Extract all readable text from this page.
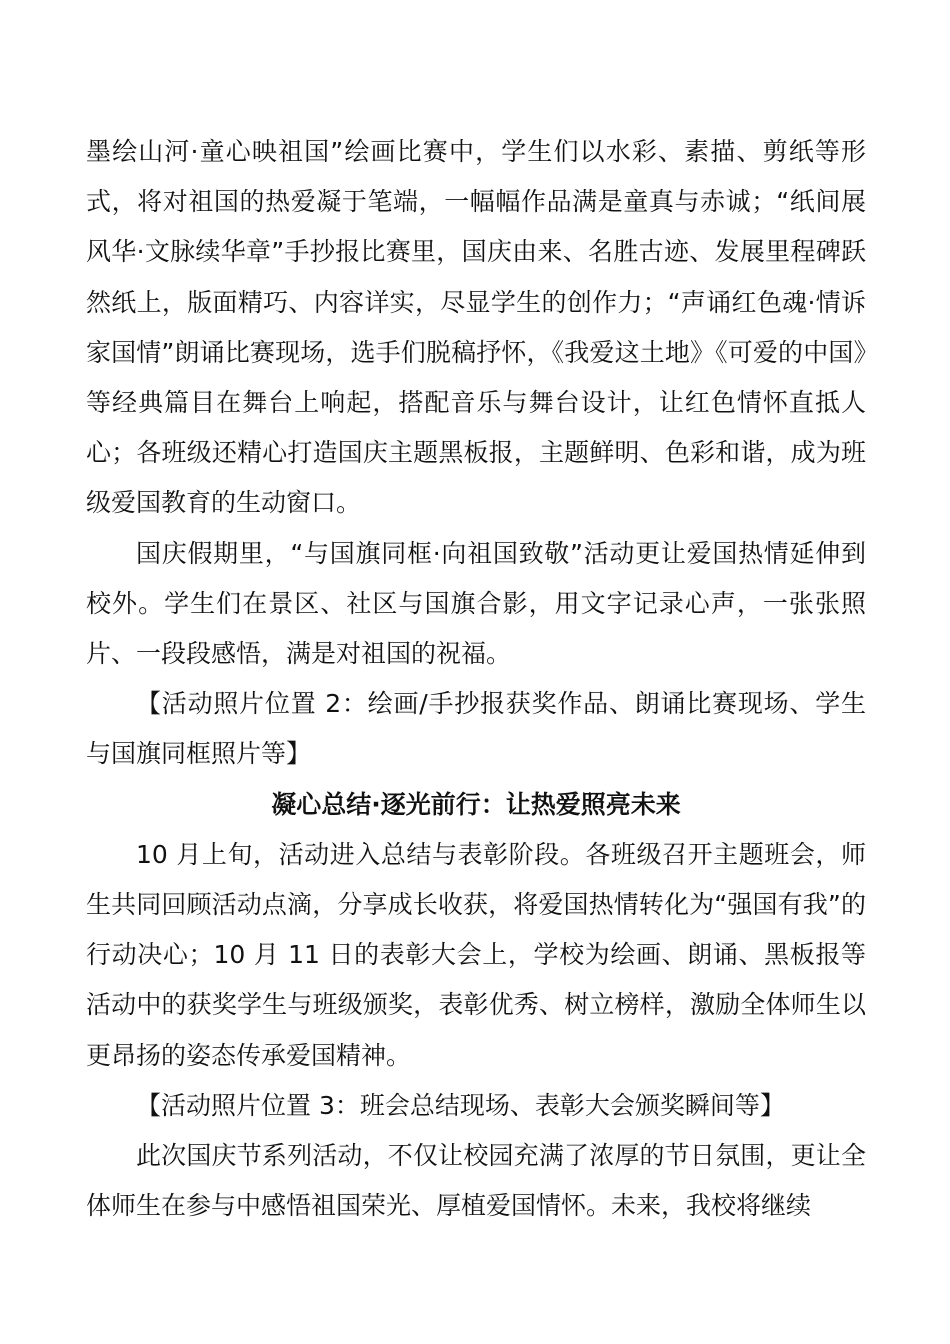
墨绘山河·童心映祖国”绘画比赛中，学生们以水彩、素描、剪纸等形式，将对祖国的热爱凝于笔端，一幅幅作品满是童真与赤诚；“纸间展风华·文脉续华章”手抄报比赛里，国庆由来、名胜古迹、发展里程碑跃然纸上，版面精巧、内容详实，尽显学生的创作力；“声诵红色魂·情诉家国情”朗诵比赛现场，选手们脱稿抒怀，《我爱这土地》《可爱的中国》等经典篇目在舞台上响起，搭配音乐与舞台设计，让红色情怀直抵人心；各班级还精心打造国庆主题黑板报，主题鲜明、色彩和谐，成为班级爱国教育的生动窗口。

国庆假期里，“与国旗同框·向祖国致敬”活动更让爱国热情延伸到校外。学生们在景区、社区与国旗合影，用文字记录心声，一张张照片、一段段感悟，满是对祖国的祝福。

【活动照片位置 2：绘画/手抄报获奖作品、朗诵比赛现场、学生与国旗同框照片等】

凝心总结·逐光前行：让热爱照亮未来

10 月上旬，活动进入总结与表彰阶段。各班级召开主题班会，师生共同回顾活动点滴，分享成长收获，将爱国热情转化为“强国有我”的行动决心；10 月 11 日的表彰大会上，学校为绘画、朗诵、黑板报等活动中的获奖学生与班级颁奖，表彰优秀、树立榜样，激励全体师生以更昂扬的姿态传承爱国精神。

【活动照片位置 3：班会总结现场、表彰大会颁奖瞬间等】

此次国庆节系列活动，不仅让校园充满了浓厚的节日氛围，更让全体师生在参与中感悟祖国荣光、厚植爱国情怀。未来，我校将继续
